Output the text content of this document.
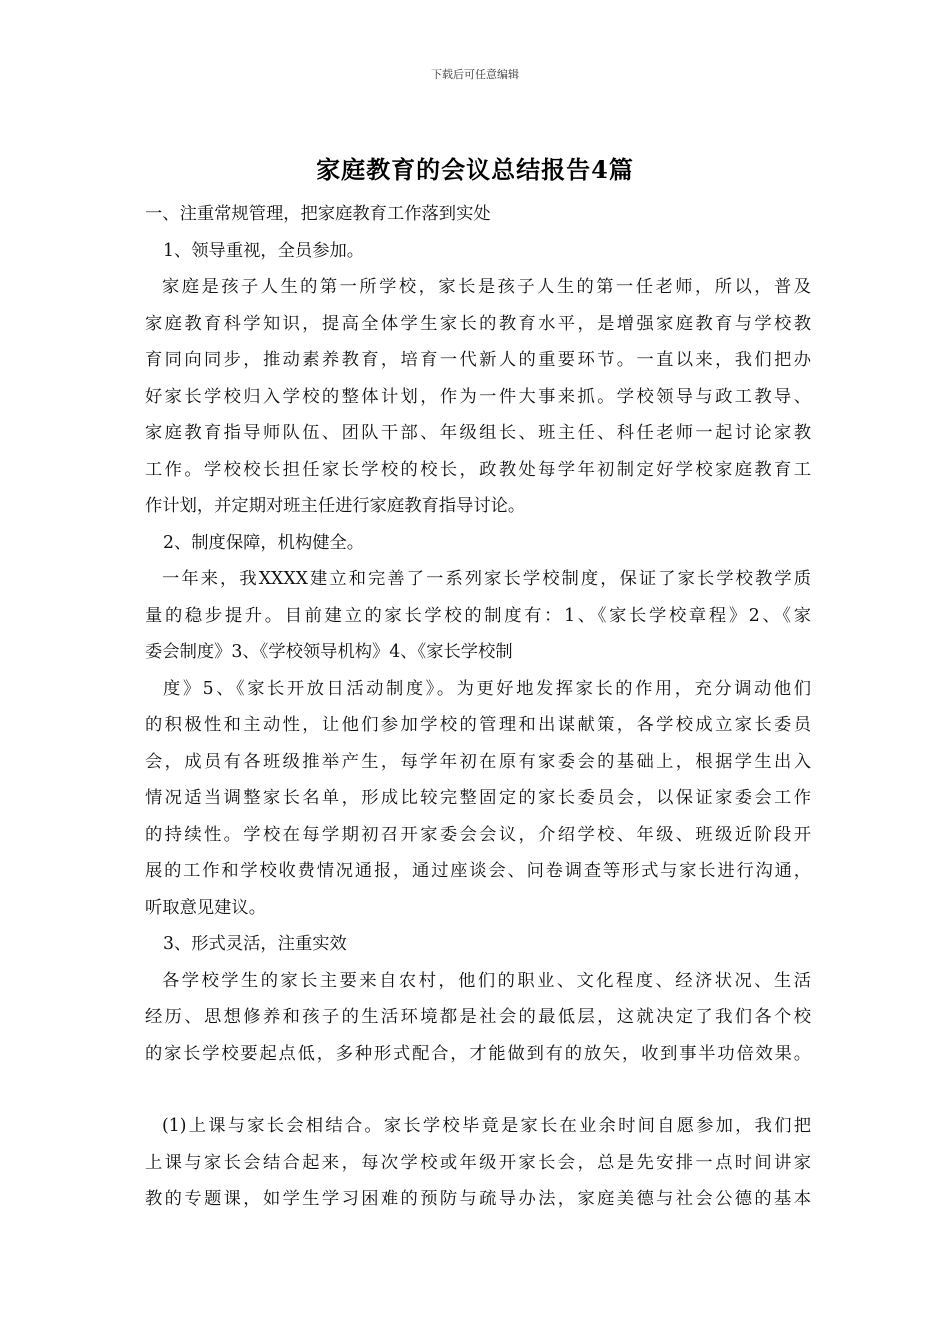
下载后可任意编辑
家庭教育的会议总结报告4篇
一、注重常规管理，把家庭教育工作落到实处
1、领导重视，全员参加。
家庭是孩子人生的第一所学校，家长是孩子人生的第一任老师，所以，普及
家庭教育科学知识，提高全体学生家长的教育水平，是增强家庭教育与学校教
育同向同步，推动素养教育，培育一代新人的重要环节。一直以来，我们把办
好家长学校归入学校的整体计划，作为一件大事来抓。学校领导与政工教导、
家庭教育指导师队伍、团队干部、年级组长、班主任、科任老师一起讨论家教
工作。学校校长担任家长学校的校长，政教处每学年初制定好学校家庭教育工
作计划，并定期对班主任进行家庭教育指导讨论。
2、制度保障，机构健全。
一年来，我XXXX建立和完善了一系列家长学校制度，保证了家长学校教学质
量的稳步提升。目前建立的家长学校的制度有：1、《家长学校章程》2、《家
委会制度》3、《学校领导机构》4、《家长学校制
度》5、《家长开放日活动制度》。为更好地发挥家长的作用，充分调动他们
的积极性和主动性，让他们参加学校的管理和出谋献策，各学校成立家长委员
会，成员有各班级推举产生，每学年初在原有家委会的基础上，根据学生出入
情况适当调整家长名单，形成比较完整固定的家长委员会，以保证家委会工作
的持续性。学校在每学期初召开家委会会议，介绍学校、年级、班级近阶段开
展的工作和学校收费情况通报，通过座谈会、问卷调查等形式与家长进行沟通，
听取意见建议。
3、形式灵活，注重实效
各学校学生的家长主要来自农村，他们的职业、文化程度、经济状况、生活
经历、思想修养和孩子的生活环境都是社会的最低层，这就决定了我们各个校
的家长学校要起点低，多种形式配合，才能做到有的放矢，收到事半功倍效果。
(1)上课与家长会相结合。家长学校毕竟是家长在业余时间自愿参加，我们把
上课与家长会结合起来，每次学校或年级开家长会，总是先安排一点时间讲家
教的专题课，如学生学习困难的预防与疏导办法，家庭美德与社会公德的基本
